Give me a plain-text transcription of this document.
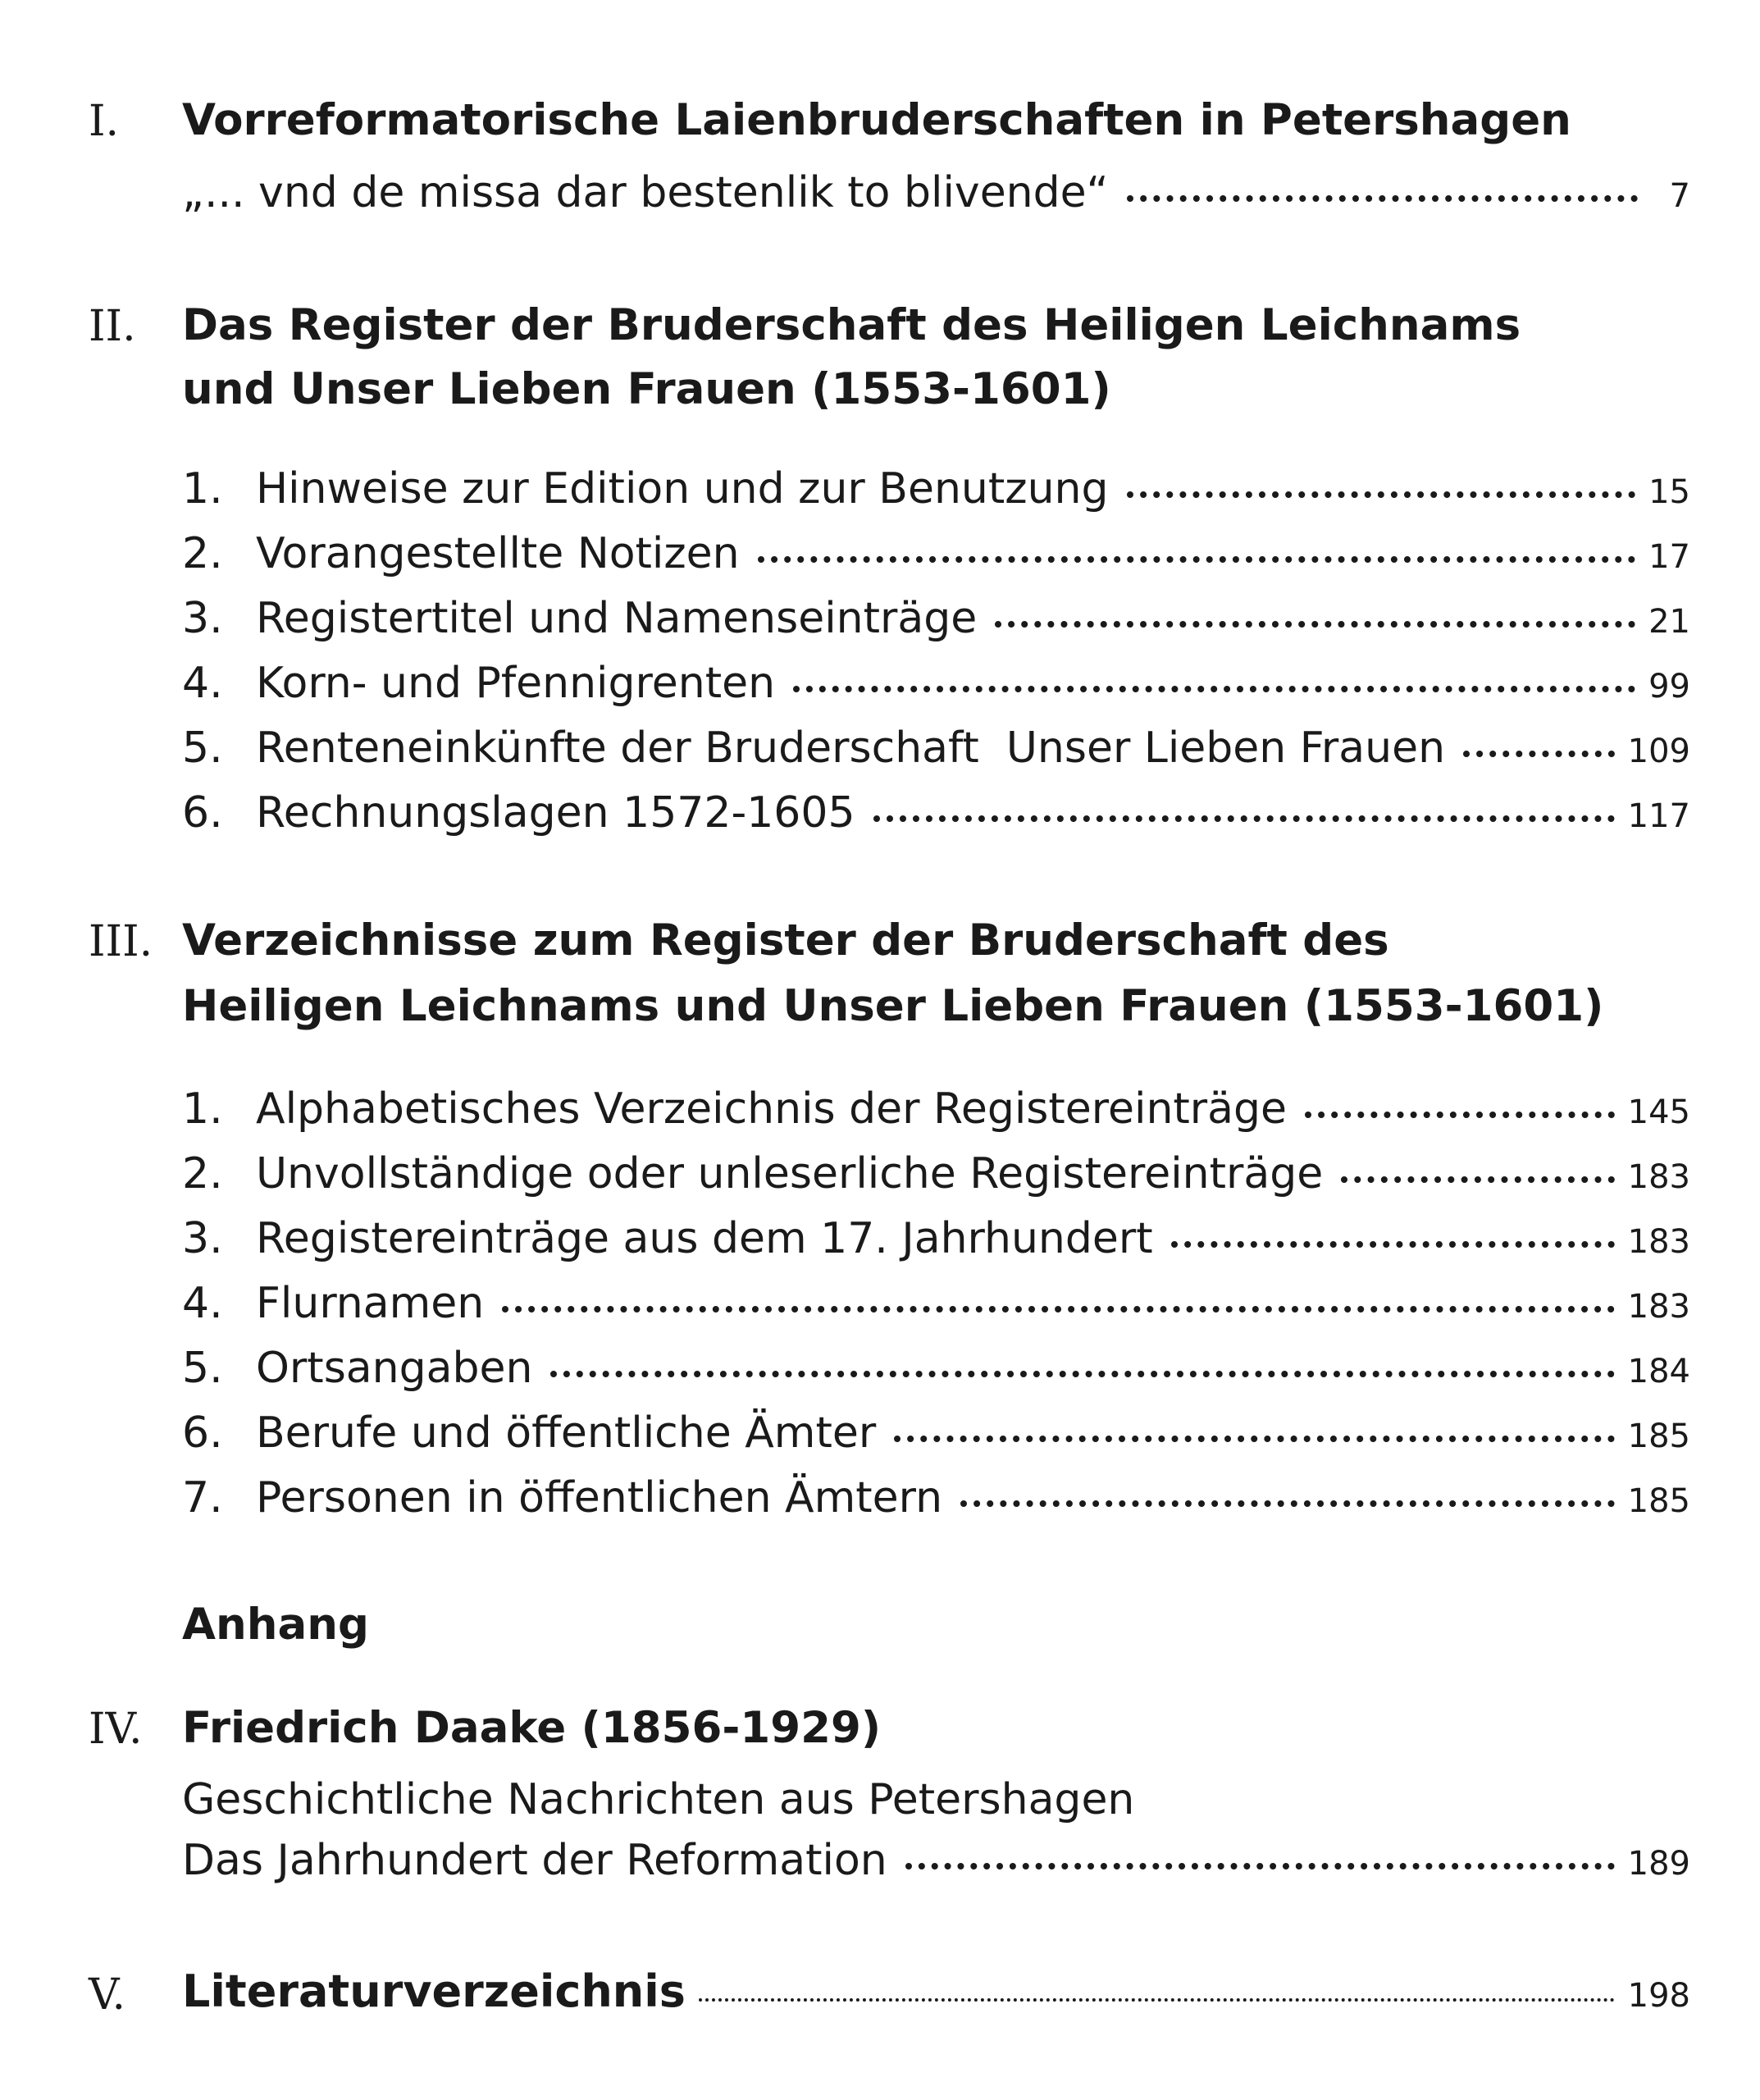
I. Vorreformatorische Laienbruderschaften in Petershagen
„... vnd de missa dar bestenlik to blivende“	7
II. Das Register der Bruderschaft des Heiligen Leichnams
und Unser Lieben Frauen (1553-1601)
1. Hinweise zur Edition und zur Benutzung	15
2. Vorangestellte Notizen	17
3. Registertitel und Namenseinträge	21
4. Korn- und Pfennigrenten	99
5. Renteneinkünfte der Bruderschaft  Unser Lieben Frauen	109
6. Rechnungslagen 1572-1605	117
III. Verzeichnisse zum Register der Bruderschaft des
Heiligen Leichnams und Unser Lieben Frauen (1553-1601)
1. Alphabetisches Verzeichnis der Registereinträge	145
2. Unvollständige oder unleserliche Registereinträge	183
3. Registereinträge aus dem 17. Jahrhundert	183
4. Flurnamen	183
5. Ortsangaben	184
6. Berufe und öffentliche Ämter	185
7. Personen in öffentlichen Ämtern	185
Anhang
IV. Friedrich Daake (1856-1929)
Geschichtliche Nachrichten aus Petershagen
Das Jahrhundert der Reformation	189
V. Literaturverzeichnis	198
